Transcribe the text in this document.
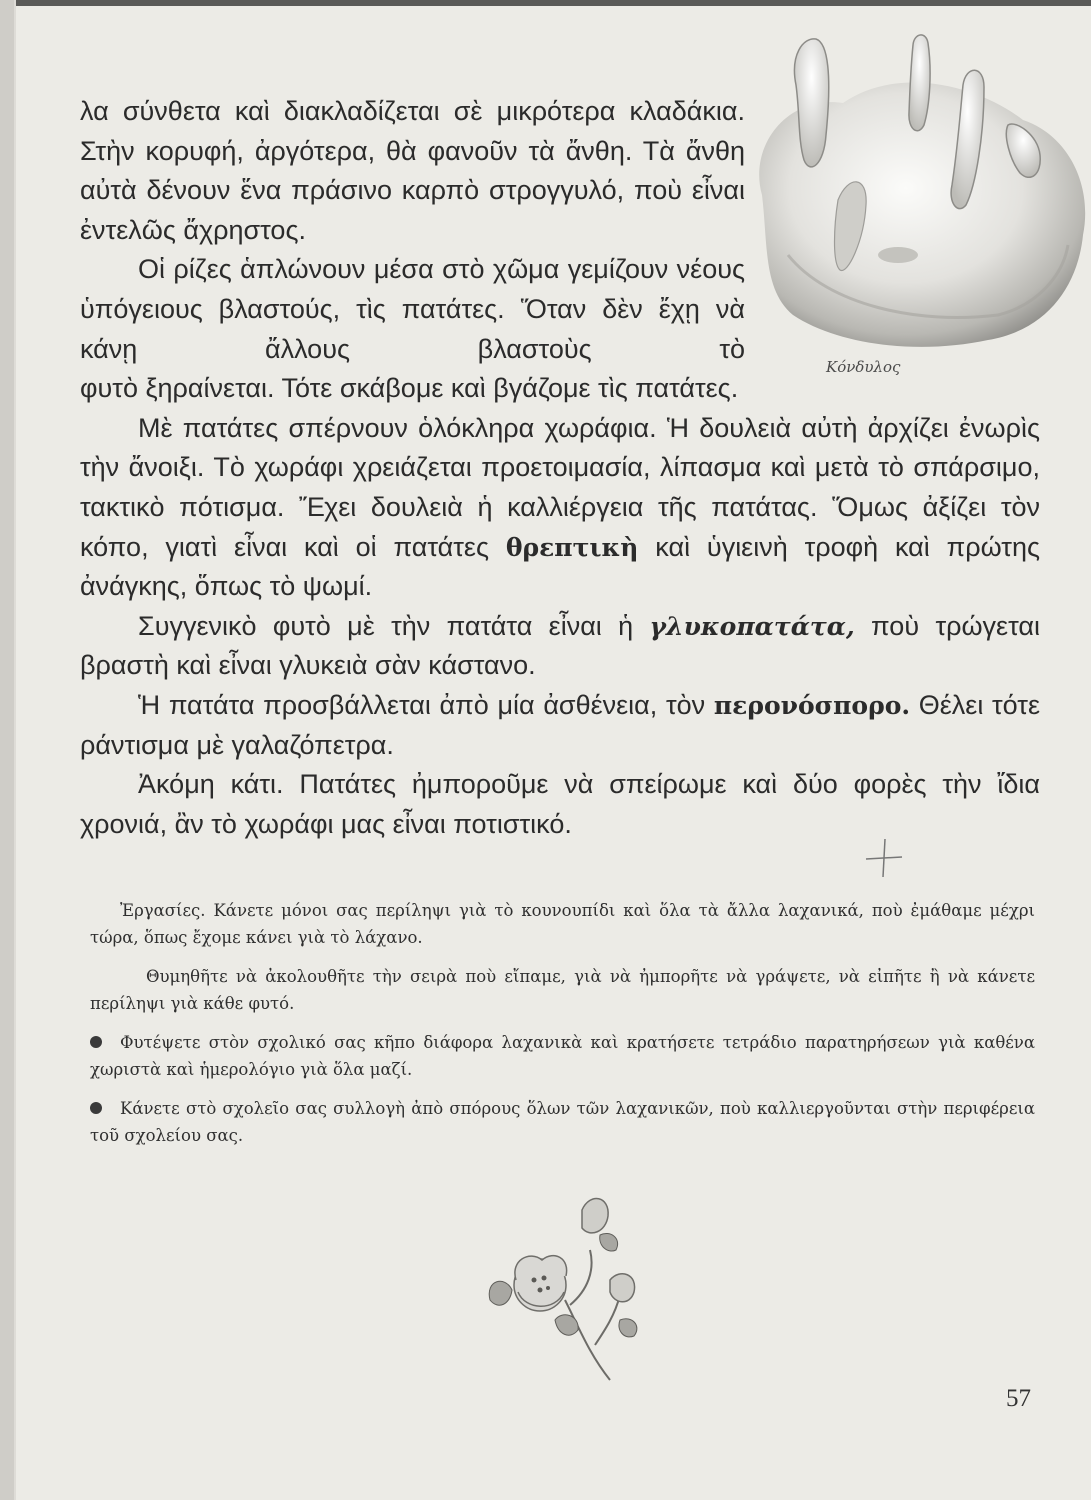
Κόνδυλος

λα σύνθετα καὶ διακλαδίζεται σὲ μικρότερα κλαδάκια. Στὴν κορυφή, ἀργότερα, θὰ φανοῦν τὰ ἄνθη. Τὰ ἄνθη αὐτὰ δένουν ἕνα πράσινο καρπὸ στρογγυλό, ποὺ εἶναι ἐντελῶς ἄχρηστος.

Οἱ ρίζες ἁπλώνουν μέσα στὸ χῶμα γεμίζουν νέους ὑπόγειους βλαστούς, τὶς πατάτες. Ὅταν δὲν ἔχῃ νὰ κάνῃ ἄλλους βλαστοὺς τὸ

φυτὸ ξηραίνεται. Τότε σκάβομε καὶ βγάζομε τὶς πατάτες.

Μὲ πατάτες σπέρνουν ὁλόκληρα χωράφια. Ἡ δουλειὰ αὐτὴ ἀρχίζει ἐνωρὶς τὴν ἄνοιξι. Τὸ χωράφι χρειάζεται προετοιμασία, λίπασμα καὶ μετὰ τὸ σπάρσιμο, τακτικὸ πότισμα. Ἔχει δουλειὰ ἡ καλλιέργεια τῆς πατάτας. Ὅμως ἀξίζει τὸν κόπο, γιατὶ εἶναι καὶ οἱ πατάτες θρεπτικὴ καὶ ὑγιεινὴ τροφὴ καὶ πρώτης ἀνάγκης, ὅπως τὸ ψωμί.

Συγγενικὸ φυτὸ μὲ τὴν πατάτα εἶναι ἡ γλυκοπατάτα, ποὺ τρώγεται βραστὴ καὶ εἶναι γλυκειὰ σὰν κάστανο.

Ἡ πατάτα προσβάλλεται ἀπὸ μία ἀσθένεια, τὸν περονόσπορο. Θέλει τότε ράντισμα μὲ γαλαζόπετρα.

Ἀκόμη κάτι. Πατάτες ἠμποροῦμε νὰ σπείρωμε καὶ δύο φορὲς τὴν ἴδια χρονιά, ἂν τὸ χωράφι μας εἶναι ποτιστικό.

Ἐργασίες. Κάνετε μόνοι σας περίληψι γιὰ τὸ κουνουπίδι καὶ ὅλα τὰ ἄλλα λαχανικά, ποὺ ἐμάθαμε μέχρι τώρα, ὅπως ἔχομε κάνει γιὰ τὸ λάχανο.

Θυμηθῆτε νὰ ἀκολουθῆτε τὴν σειρὰ ποὺ εἴπαμε, γιὰ νὰ ἠμπορῆτε νὰ γράψετε, νὰ εἰπῆτε ἢ νὰ κάνετε περίληψι γιὰ κάθε φυτό.

Φυτέψετε στὸν σχολικό σας κῆπο διάφορα λαχανικὰ καὶ κρατήσετε τετράδιο παρατηρήσεων γιὰ καθένα χωριστὰ καὶ ἡμερολόγιο γιὰ ὅλα μαζί.

Κάνετε στὸ σχολεῖο σας συλλογὴ ἀπὸ σπόρους ὅλων τῶν λαχανικῶν, ποὺ καλλιεργοῦνται στὴν περιφέρεια τοῦ σχολείου σας.

57
